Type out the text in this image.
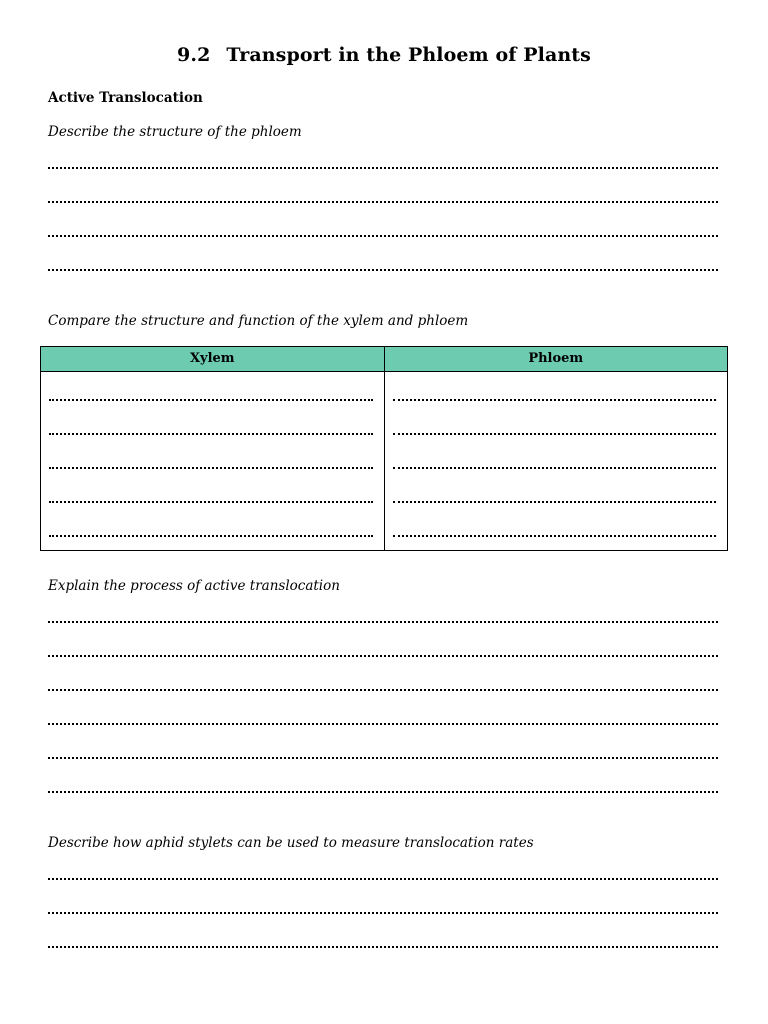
9.2 Transport in the Phloem of Plants
Active Translocation
Describe the structure of the phloem
Compare the structure and function of the xylem and phloem
Xylem	Phloem
Explain the process of active translocation
Describe how aphid stylets can be used to measure translocation rates
